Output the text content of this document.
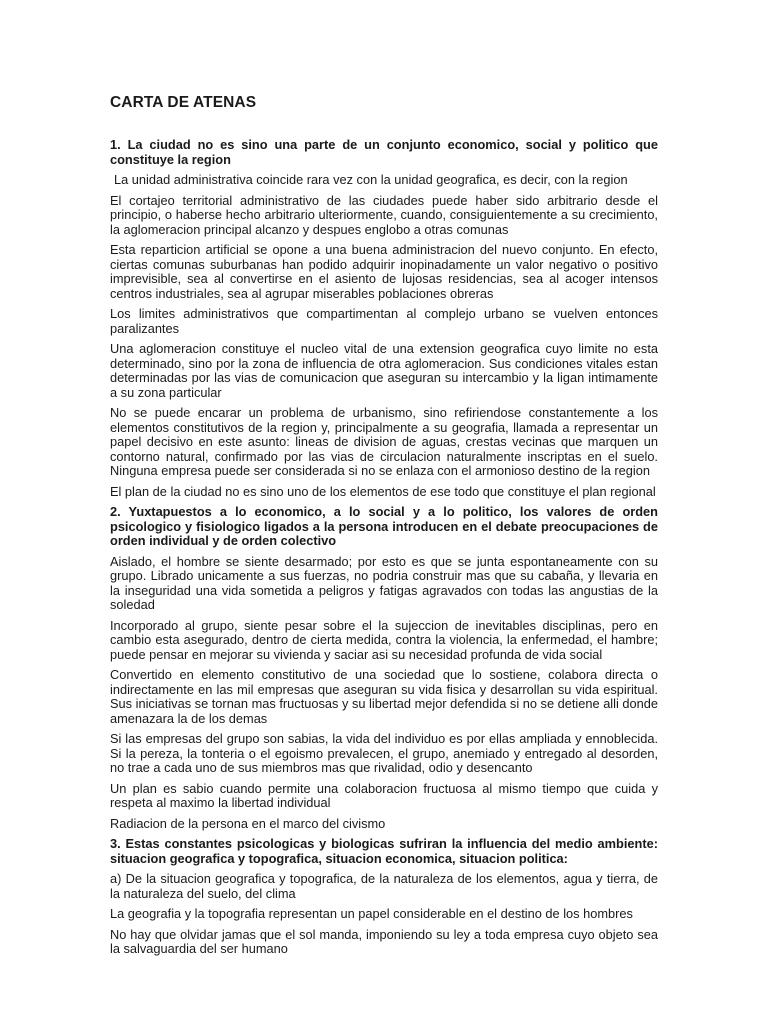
CARTA DE ATENAS
1. La ciudad no es sino una parte de un conjunto economico, social y politico que constituye la region
La unidad administrativa coincide rara vez con la unidad geografica, es decir, con la region
El cortajeo territorial administrativo de las ciudades puede haber sido arbitrario desde el principio, o haberse hecho arbitrario ulteriormente, cuando, consiguientemente a su crecimiento, la aglomeracion principal alcanzo y despues englobo a otras comunas
Esta reparticion artificial se opone a una buena administracion del nuevo conjunto. En efecto, ciertas comunas suburbanas han podido adquirir inopinadamente un valor negativo o positivo imprevisible, sea al convertirse en el asiento de lujosas residencias, sea al acoger intensos centros industriales, sea al agrupar miserables poblaciones obreras
Los limites administrativos que compartimentan al complejo urbano se vuelven entonces paralizantes
Una aglomeracion constituye el nucleo vital de una extension geografica cuyo limite no esta determinado, sino por la zona de influencia de otra aglomeracion. Sus condiciones vitales estan determinadas por las vias de comunicacion que aseguran su intercambio y la ligan intimamente a su zona particular
No se puede encarar un problema de urbanismo, sino refiriendose constantemente a los elementos constitutivos de la region y, principalmente a su geografia, llamada a representar un papel decisivo en este asunto: lineas de division de aguas, crestas vecinas que marquen un contorno natural, confirmado por las vias de circulacion naturalmente inscriptas en el suelo. Ninguna empresa puede ser considerada si no se enlaza con el armonioso destino de la region
El plan de la ciudad no es sino uno de los elementos de ese todo que constituye el plan regional
2. Yuxtapuestos a lo economico, a lo social y a lo politico, los valores de orden psicologico y fisiologico ligados a la persona introducen en el debate preocupaciones de orden individual y de orden colectivo
Aislado, el hombre se siente desarmado; por esto es que se junta espontaneamente con su grupo. Librado unicamente a sus fuerzas, no podria construir mas que su cabaña, y llevaria en la inseguridad una vida sometida a peligros y fatigas agravados con todas las angustias de la soledad
Incorporado al grupo, siente pesar sobre el la sujeccion de inevitables disciplinas, pero en cambio esta asegurado, dentro de cierta medida, contra la violencia, la enfermedad, el hambre; puede pensar en mejorar su vivienda y saciar asi su necesidad profunda de vida social
Convertido en elemento constitutivo de una sociedad que lo sostiene, colabora directa o indirectamente en las mil empresas que aseguran su vida fisica y desarrollan su vida espiritual. Sus iniciativas se tornan mas fructuosas y su libertad mejor defendida si no se detiene alli donde amenazara la de los demas
Si las empresas del grupo son sabias, la vida del individuo es por ellas ampliada y ennoblecida. Si la pereza, la tonteria o el egoismo prevalecen, el grupo, anemiado y entregado al desorden, no trae a cada uno de sus miembros mas que rivalidad, odio y desencanto
Un plan es sabio cuando permite una colaboracion fructuosa al mismo tiempo que cuida y respeta al maximo la libertad individual
Radiacion de la persona en el marco del civismo
3. Estas constantes psicologicas y biologicas sufriran la influencia del medio ambiente: situacion geografica y topografica, situacion economica, situacion politica:
a) De la situacion geografica y topografica, de la naturaleza de los elementos, agua y tierra, de la naturaleza del suelo, del clima
La geografia y la topografia representan un papel considerable en el destino de los hombres
No hay que olvidar jamas que el sol manda, imponiendo su ley a toda empresa cuyo objeto sea la salvaguardia del ser humano
